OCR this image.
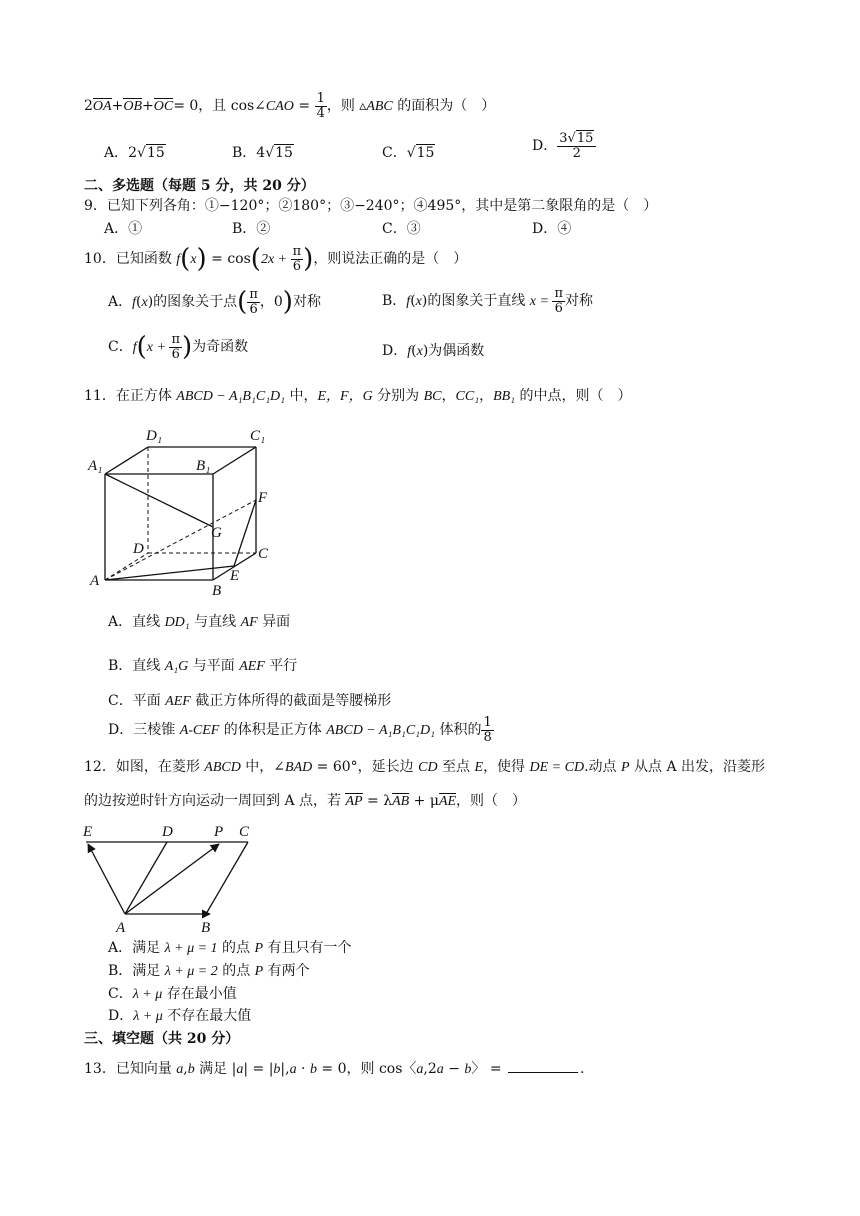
2OA+OB+OC= 0，且 cos∠CAO = $\frac{1}{4}$ ，则 ▵ABC 的面积为（　）
A．2√15	B．4√15	C．√15	D． $\frac{3√15}{2}$
二、多选题（每题 5 分，共 20 分）
9．已知下列各角：①−120°；②180°；③−240°；④495°，其中是第二象限角的是（　）
A．①	B．②	C．③	D．④
10．已知函数 $f(x) = \cos(2x + \frac{\pi}{6}$ )，则说法正确的是（　）
A．f(x)的图象关于点( $\frac{\pi}{6}$ ，0)对称	B．f(x)的图象关于直线 $x = \frac{\pi}{6}$ 对称
C．$f(x + \frac{\pi}{6}$ )为奇函数	D．f(x)为偶函数
11．在正方体 ABCD − A₁B₁C₁D₁ 中，E，F，G 分别为 BC，CC₁，BB₁ 的中点，则（　）
D₁	C₁
A₁	B₁
F
G
D	C
A	E
B
A．直线 DD₁ 与直线 AF 异面
B．直线 A₁G 与平面 AEF 平行
C．平面 AEF 截正方体所得的截面是等腰梯形
D．三棱锥 A-CEF 的体积是正方体 ABCD − A₁B₁C₁D₁ 体积的 $\frac{1}{8}$
12．如图，在菱形 ABCD 中，∠BAD = 60°，延长边 CD 至点 E，使得 DE = CD.动点 P 从点 A 出发，沿菱形
的边按逆时针方向运动一周回到 A 点，若 AP = λAB + μAE，则（　）
E	D	P C
A	B
A．满足 λ + μ = 1 的点 P 有且只有一个
B．满足 λ + μ = 2 的点 P 有两个
C．λ + μ 存在最小值
D．λ + μ 不存在最大值
三、填空题（共 20 分）
13．已知向量 a,b 满足 |a| = |b|,a · b = 0，则 cos〈a,2a − b〉 =	.
